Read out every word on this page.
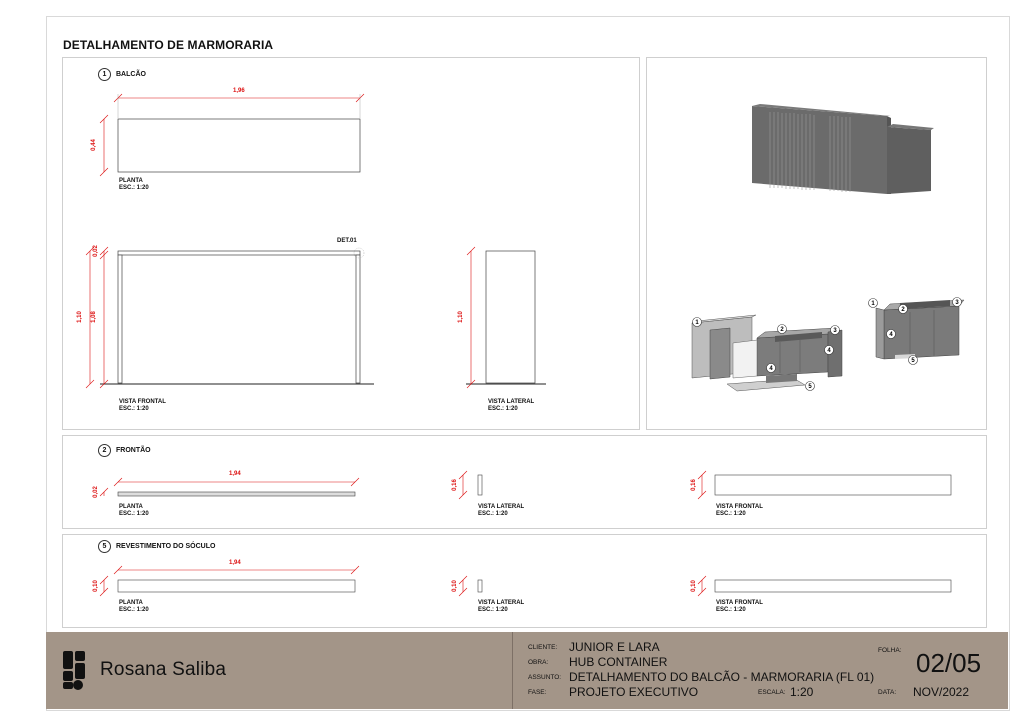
DETALHAMENTO DE MARMORARIA
1	BALCÃO
1,96
0,44
PLANTA
ESC.: 1:20
DET.01
0,02
1,10 1,08
VISTA FRONTAL
ESC.: 1:20
1,10
VISTA LATERAL
ESC.: 1:20
1
2	3
4
4
5
1
2
3
4
5
2	FRONTÃO
1,94
0,02
0,16	0,16
PLANTA
ESC.: 1:20
VISTA LATERAL
ESC.: 1:20
VISTA FRONTAL
ESC.: 1:20
5	REVESTIMENTO DO SÓCULO
1,94
0,10	0,10	0,10
PLANTA
ESC.: 1:20
VISTA LATERAL
ESC.: 1:20
VISTA FRONTAL
ESC.: 1:20
Rosana Saliba
CLIENTE: JUNIOR E LARA
OBRA: HUB CONTAINER
ASSUNTO: DETALHAMENTO DO BALCÃO - MARMORARIA (FL 01)
FASE: PROJETO EXECUTIVO	ESCALA: 1:20
FOLHA: 02/05
DATA: NOV/2022
